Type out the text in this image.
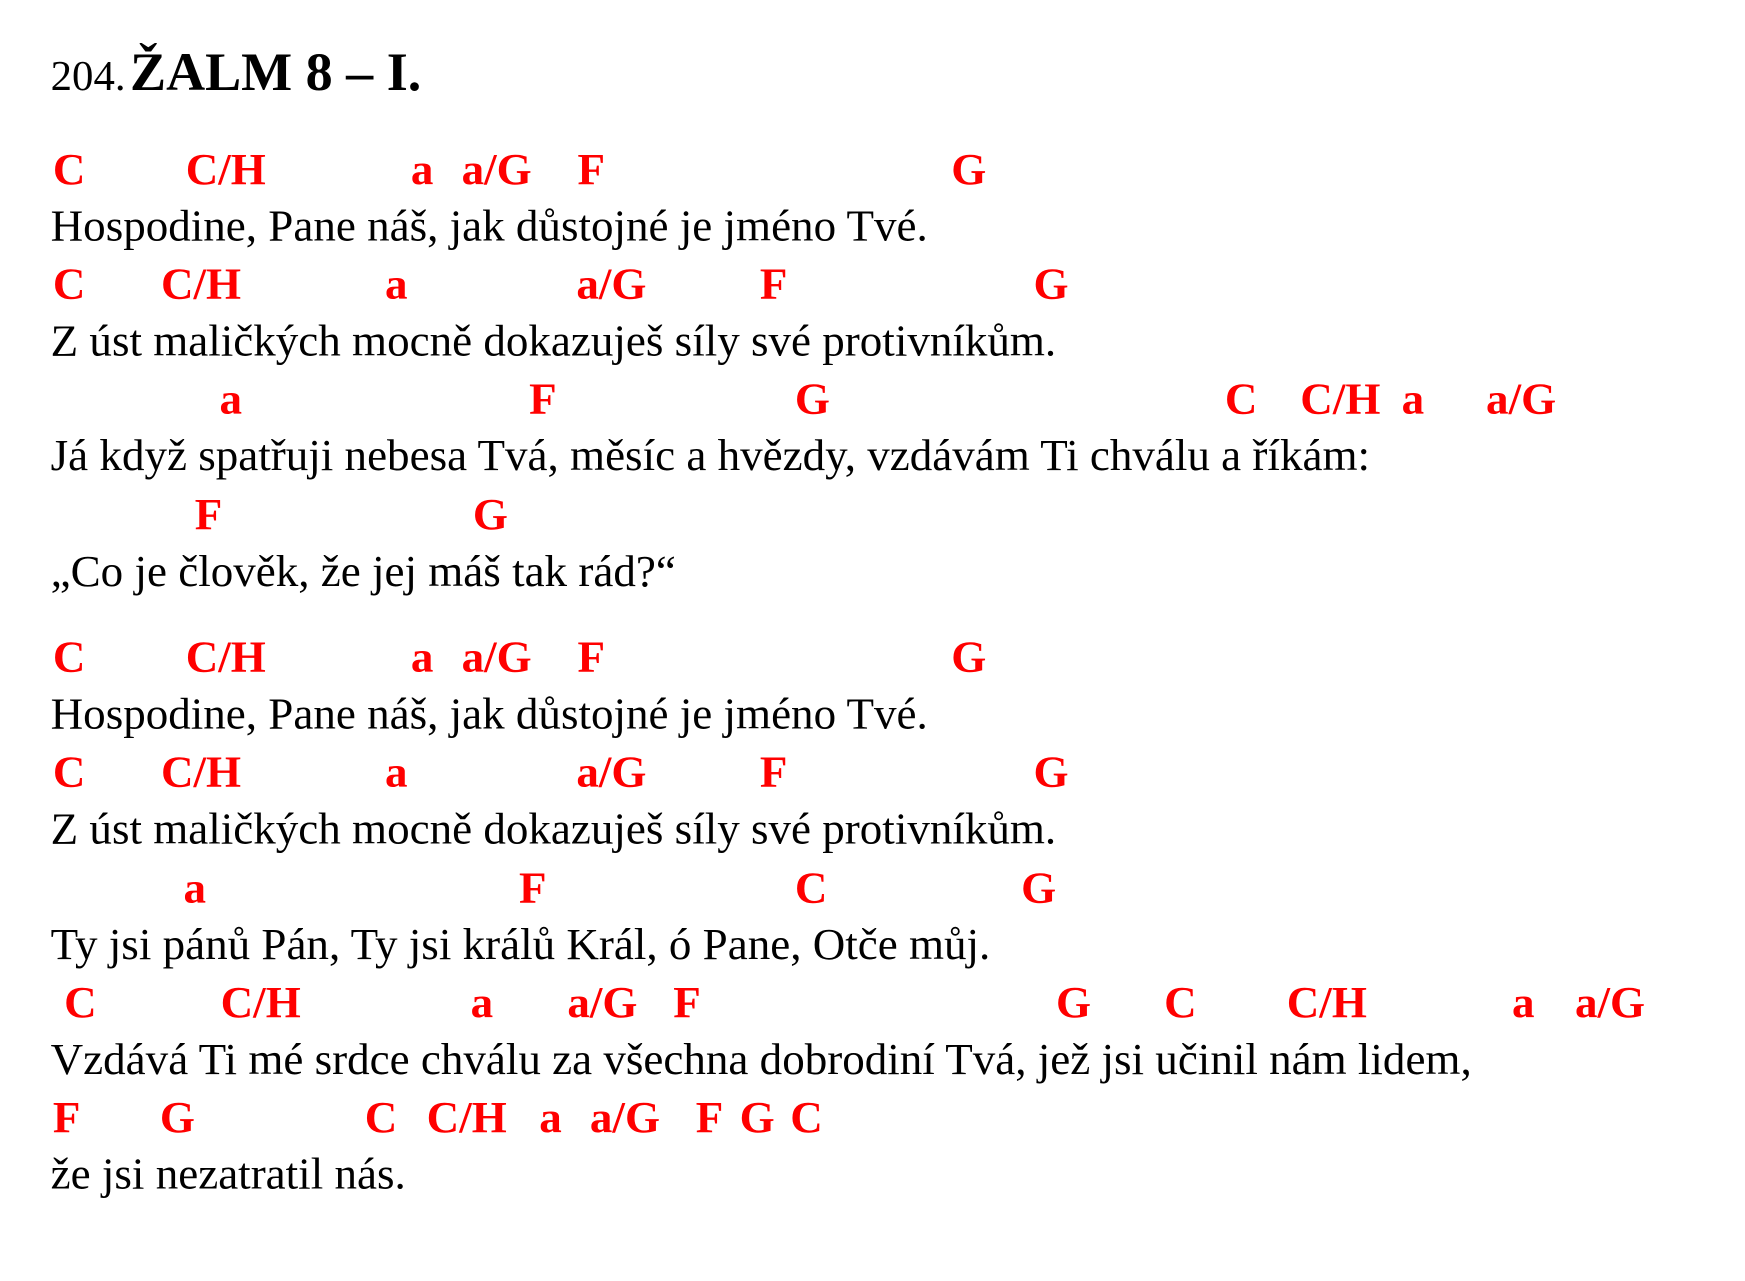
204. ŽALM 8 – I.
C	C/H	a a/G F	G
Hospodine, Pane náš, jak důstojné je jméno Tvé.
C C/H	a	a/G	F	G
Z úst maličkých mocně dokazuješ síly své protivníkům.
a	F	G	C C/H a a/G
Já když spatřuji nebesa Tvá, měsíc a hvězdy, vzdávám Ti chválu a říkám:
F	G
„Co je člověk, že jej máš tak rád?“
C	C/H	a a/G F	G
Hospodine, Pane náš, jak důstojné je jméno Tvé.
C C/H	a	a/G	F	G
Z úst maličkých mocně dokazuješ síly své protivníkům.
a	F	C	G
Ty jsi pánů Pán, Ty jsi králů Král, ó Pane, Otče můj.
C	C/H	a a/G F	G C C/H	a a/G
Vzdává Ti mé srdce chválu za všechna dobrodiní Tvá, jež jsi učinil nám lidem,
F G	C C/H a a/G F G C
že jsi nezatratil nás.
